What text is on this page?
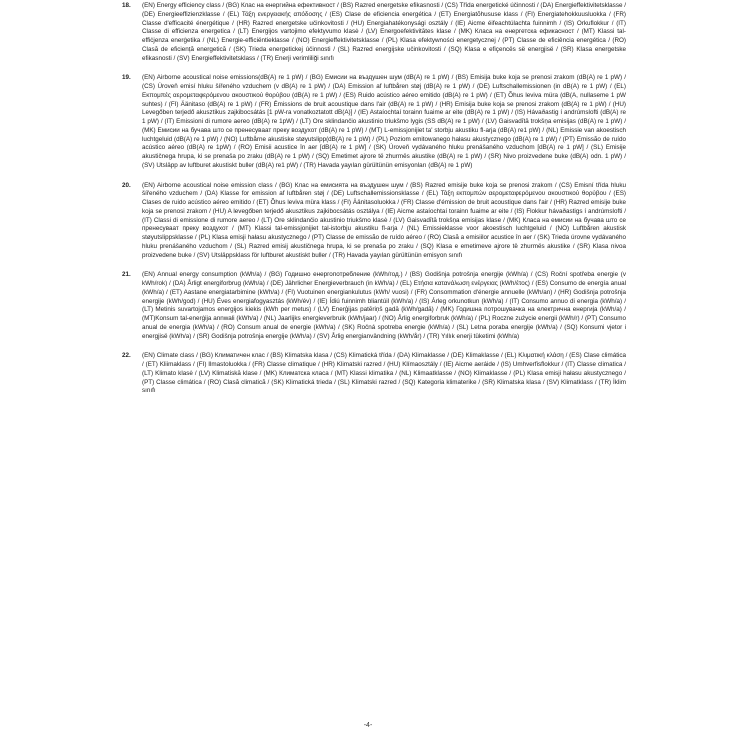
18. (EN) Energy efficiency class / (BG) Клас на енергийна ефективност / (BS) Razred energetske efikasnosti / (CS) Třída energetické účinnosti / (DA) Energieffektivitetsklasse / (DE) Energieeffizienzklasse / (EL) Τάξη ενεργειακής απόδοσης / (ES) Clase de eficiencia energética / (ET) Energiatõhususe klass / (FI) Energiatehokkuusluokka / (FR) Classe d'efficacité énergétique / (HR) Razred energetske učinkovitosti / (HU) Energiahatékonysági osztály / (IE) Aicme éifeachtúlachta fuinnimh / (IS) Orkuflokkur / (IT) Classe di efficienza energetica / (LT) Energijos vartojimo efektyvumo klasė / (LV) Energoefektivitātes klase / (MK) Класа на енергетска ефикасност / (MT) Klassi tal-effiċjenza enerġetika / (NL) Energie-efficiëntieklasse / (NO) Energieffektivitetsklasse / (PL) Klasa efektywności energetycznej / (PT) Classe de eficiência energética / (RO) Clasă de eficiență energetică / (SK) Trieda energetickej účinnosti / (SL) Razred energijske učinkovitosti / (SQ) Klasa e efiçencës së energjisë / (SR) Klasa energetske efikasnosti / (SV) Energieffektivitetsklass / (TR) Enerji verimliliği sınıfı
19. (EN) Airborne acoustical noise emissions(dB(A) re 1 pW) / (BG) Емисии на въздушен шум (dB(A) re 1 pW) / (BS) Emisija buke koja se prenosi zrakom (dB(A) re 1 pW) / (CS) Úroveň emisí hluku šířeného vzduchem (v dB(A) re 1 pW) / (DA) Emission af luftbåren støj (dB(A) re 1 pW) / (DE) Luftschallemissionen (in dB(A) re 1 pW) / (EL) Εκπομπές αερομεταφερόμενου ακουστικού θορύβου (dB(A) re 1 pW) / (ES) Ruido acústico aéreo emitido (dB(A) re 1 pW) / (ET) Õhus leviva müra (dB(A, nullaseme 1 pW suhtes) / (FI) Äänitaso (dB(A) re 1 pW) / (FR) Émissions de bruit acoustique dans l'air (dB(A) re 1 pW) / (HR) Emisija buke koja se prenosi zrakom (dB(A) re 1 pW) / (HU) Levegőben terjedő akusztikus zajkibocsátás [1 pW-ra vonatkoztatott dB(A)] / (IE) Astaíochtaí torainn fuaime ar eite (dB(A) re 1 pW) / (IS) Hávaðastig í andrúmslofti (dB(A) re 1 pW) / (IT) Emissioni di rumore aereo (dB(A) re 1pW) / (LT) Ore sklindančio akustinio triukšmo lygis (SS dB(A) re 1 pW) / (LV) Gaisvadītā trokšņa emisijas (dB(A) re 1 pW) / (MK) Емисии на бучава што се пренесуваат преку воздухот (dB(A) re 1 pW) / (MT) L-emissjonijiet ta' storbju akustiku fl-arja (dB(A) re1 pW) / (NL) Emissie van akoestisch luchtgeluid (dB(A) re 1 pW) / (NO) Luftbårne akustiske støyutslipp(dB(A) re 1 pW) / (PL) Poziom emitowanego hałasu akustycznego (dB(A) re 1 pW) / (PT) Emissão de ruído acústico aéreo (dB(A) re 1pW) / (RO) Emisii acustice în aer [dB(A) re 1 pW] / (SK) Úroveň vydávaného hluku prenášaného vzduchom [dB(A) re 1 pW] / (SL) Emisije akustičnega hrupa, ki se prenaša po zraku (dB(A) re 1 pW) / (SQ) Emetimet ajrore të zhurmës akustike (dB(A) re 1 pW) / (SR) Nivo proizvedene buke (dB(A) odn. 1 pW) / (SV) Utsläpp av luftburet akustiskt buller (dB(A) re1 pW) / (TR) Havada yayılan gürültünün emisyonları (dB(A) re 1 pW)
20. (EN) Airborne acoustical noise emission class / (BG) Клас на емисията на въздушен шум / (BS) Razred emisije buke koja se prenosi zrakom / (CS) Emisní třída hluku šířeného vzduchem / (DA) Klasse for emission af luftbåren støj / (DE) Luftschallemissionsklasse / (EL) Τάξη εκπομπών αερομεταφερόμενου ακουστικού θορύβου / (ES) Clases de ruido acústico aéreo emitido / (ET) Õhus leviva müra klass / (FI) Äänitasoluokka / (FR) Classe d'émission de bruit acoustique dans l'air / (HR) Razred emisije buke koja se prenosi zrakom / (HU) A levegőben terjedő akusztikus zajkibocsátás osztálya / (IE) Aicme astaíochtaí torainn fuaime ar eite / (IS) Flokkur hávaðastigs í andrúmslofti / (IT) Classi di emissione di rumore aereo / (LT) Ore sklindančio akustinio triukšmo klasė / (LV) Gaisvadītā trokšņa emisijas klase / (MK) Класа на емисии на бучава што се пренесуваат преку воздухот / (MT) Klassi tal-emissjonijiet tal-istorbju akustiku fl-arja / (NL) Emissieklasse voor akoestisch luchtgeluid / (NO) Luftbåren akustisk støyutslippsklasse / (PL) Klasa emisji hałasu akustycznego / (PT) Classe de emissão de ruído aéreo / (RO) Clasă a emisiilor acustice în aer / (SK) Trieda úrovne vydávaného hluku prenášaného vzduchom / (SL) Razred emisij akustičnega hrupa, ki se prenaša po zraku / (SQ) Klasa e emetimeve ajrore të zhurmës akustike / (SR) Klasa nivoa proizvedene buke / (SV) Utsläppsklass för luftburet akustiskt buller / (TR) Havada yayılan gürültünün emisyon sınıfı
21. (EN) Annual energy consumption (kWh/a) / (BG) Годишно енергопотребление (kWh/год.) / (BS) Godišnja potrošnja energije (kWh/a) / (CS) Roční spotřeba energie (v kWh/rok) / (DA) Årligt energiforbrug (kWh/a) / (DE) Jährlicher Energieverbrauch (in kWh/a) / (EL) Ετήσια κατανάλωση ενέργειας (kWh/έτος) / (ES) Consumo de energía anual (kWh/a) / (ET) Aastane energiatarbimine (kWh/a) / (FI) Vuotuinen energiankulutus (kWh/ vuosi) / (FR) Consommation d'énergie annuelle (kWh/an) / (HR) Godišnja potrošnja energije (kWh/god) / (HU) Éves energiafogyasztás (kWh/év) / (IE) Ídiú fuinnimh bliantúil (kWh/a) / (IS) Árleg orkunotkun (kWh/a) / (IT) Consumo annuo di energia (kWh/a) / (LT) Metinis suvartojamos energijos kiekis (kWh per metus) / (LV) Enerģijas patēriņš gadā (kWh/gadā) / (MK) Годишна потрошувачка на електрична енергија (kWh/a) / (MT)Konsum tal-enerġija annwali (kWh/a) / (NL) Jaarlijks energieverbruik (kWh/jaar) / (NO) Årlig energiforbruk (kWh/a) / (PL) Roczne zużycie energii (kWh/r) / (PT) Consumo anual de energia (kWh/a) / (RO) Consum anual de energie (kWh/a) / (SK) Ročná spotreba energie (kWh/a) / (SL) Letna poraba energije (kWh/a) / (SQ) Konsumi vjetor i energjisë (kWh/a) / (SR) Godišnja potrošnja energije (kWh/a) / (SV) Årlig energianvändning (kWh/år) / (TR) Yıllık enerji tüketimi (kWh/a)
22. (EN) Climate class / (BG) Климатичен клас / (BS) Klimatska klasa / (CS) Klimatická třída / (DA) Klimaklasse / (DE) Klimaklasse / (EL) Κλιματική κλάση / (ES) Clase climática / (ET) Kliimaklass / (FI) Ilmastoluokka / (FR) Classe climatique / (HR) Klimatski razred / (HU) Klímaosztály / (IE) Aicme aeráide / (IS) Umhverfisflokkur / (IT) Classe climatica / (LT) Klimato klasė / (LV) Klimatiskā klase / (MK) Климатска класа / (MT) Klassi klimatika / (NL) Klimaatklasse / (NO) Klimaklasse / (PL) Klasa emisji hałasu akustycznego / (PT) Classe climática / (RO) Clasă climatică / (SK) Klimatická trieda / (SL) Klimatski razred / (SQ) Kategoria klimaterike / (SR) Klimatska klasa / (SV) Klimatklass / (TR) İklim sınıfı
-4-
